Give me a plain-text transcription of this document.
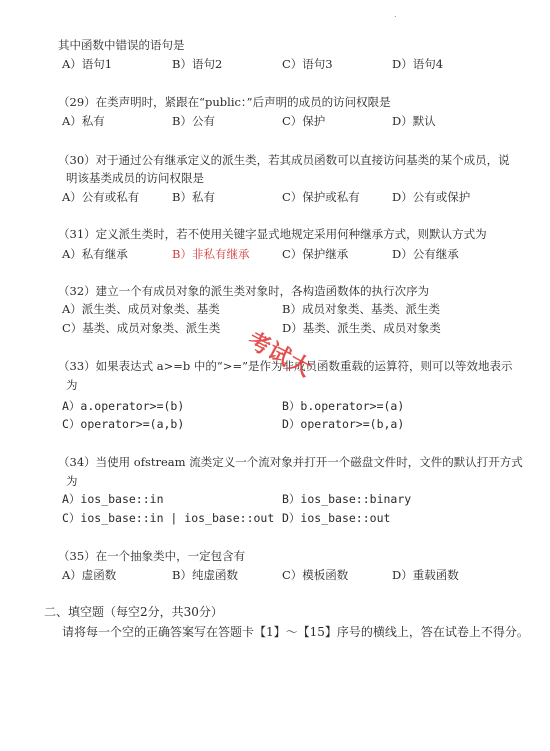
.
其中函数中错误的语句是
A）语句1	B）语句2	C）语句3	D）语句4
（29）在类声明时，紧跟在“public：”后声明的成员的访问权限是
A）私有	B）公有	C）保护	D）默认
（30）对于通过公有继承定义的派生类，若其成员函数可以直接访问基类的某个成员，说
明该基类成员的访问权限是
A）公有或私有	B）私有	C）保护或私有	D）公有或保护
（31）定义派生类时，若不使用关键字显式地规定采用何种继承方式，则默认方式为
A）私有继承	B）非私有继承	C）保护继承	D）公有继承
（32）建立一个有成员对象的派生类对象时，各构造函数体的执行次序为
A）派生类、成员对象类、基类	B）成员对象类、基类、派生类
C）基类、成员对象类、派生类	D）基类、派生类、成员对象类
（33）如果表达式 a>=b 中的“>=”是作为非成员函数重载的运算符，则可以等效地表示
为
A）a.operator>=(b)	B）b.operator>=(a)
C）operator>=(a,b)	D）operator>=(b,a)
（34）当使用 ofstream 流类定义一个流对象并打开一个磁盘文件时，文件的默认打开方式
为
A）ios_base::in	B）ios_base::binary
C）ios_base::in | ios_base::out D）ios_base::out
（35）在一个抽象类中，一定包含有
A）虚函数	B）纯虚函数	C）模板函数	D）重载函数
二、填空题（每空2分，共30分）
请将每一个空的正确答案写在答题卡【1】～【15】序号的横线上，答在试卷上不得分。
考试大
